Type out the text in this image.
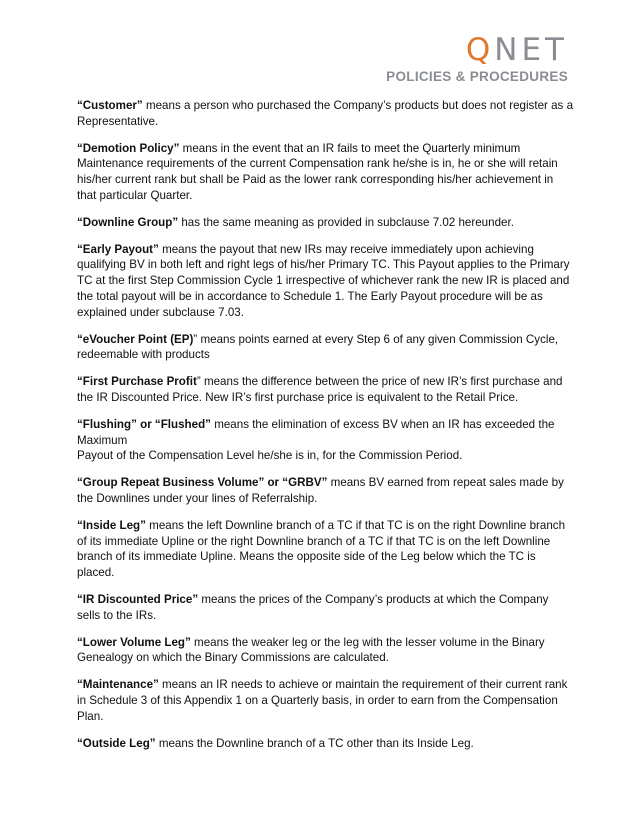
QNET
POLICIES & PROCEDURES

“Customer” means a person who purchased the Company’s products but does not register as a Representative.

“Demotion Policy” means in the event that an IR fails to meet the Quarterly minimum Maintenance requirements of the current Compensation rank he/she is in, he or she will retain his/her current rank but shall be Paid as the lower rank corresponding his/her achievement in that particular Quarter.

“Downline Group” has the same meaning as provided in subclause 7.02 hereunder.

“Early Payout” means the payout that new IRs may receive immediately upon achieving qualifying BV in both left and right legs of his/her Primary TC. This Payout applies to the Primary TC at the first Step Commission Cycle 1 irrespective of whichever rank the new IR is placed and the total payout will be in accordance to Schedule 1. The Early Payout procedure will be as explained under subclause 7.03.

“eVoucher Point (EP)” means points earned at every Step 6 of any given Commission Cycle, redeemable with products

“First Purchase Profit” means the difference between the price of new IR’s first purchase and the IR Discounted Price. New IR’s first purchase price is equivalent to the Retail Price.

“Flushing” or “Flushed” means the elimination of excess BV when an IR has exceeded the Maximum
Payout of the Compensation Level he/she is in, for the Commission Period.

“Group Repeat Business Volume” or “GRBV” means BV earned from repeat sales made by the Downlines under your lines of Referralship.

“Inside Leg” means the left Downline branch of a TC if that TC is on the right Downline branch of its immediate Upline or the right Downline branch of a TC if that TC is on the left Downline branch of its immediate Upline. Means the opposite side of the Leg below which the TC is placed.

“IR Discounted Price” means the prices of the Company’s products at which the Company sells to the IRs.

“Lower Volume Leg” means the weaker leg or the leg with the lesser volume in the Binary Genealogy on which the Binary Commissions are calculated.

“Maintenance” means an IR needs to achieve or maintain the requirement of their current rank in Schedule 3 of this Appendix 1 on a Quarterly basis, in order to earn from the Compensation Plan.

“Outside Leg” means the Downline branch of a TC other than its Inside Leg.
